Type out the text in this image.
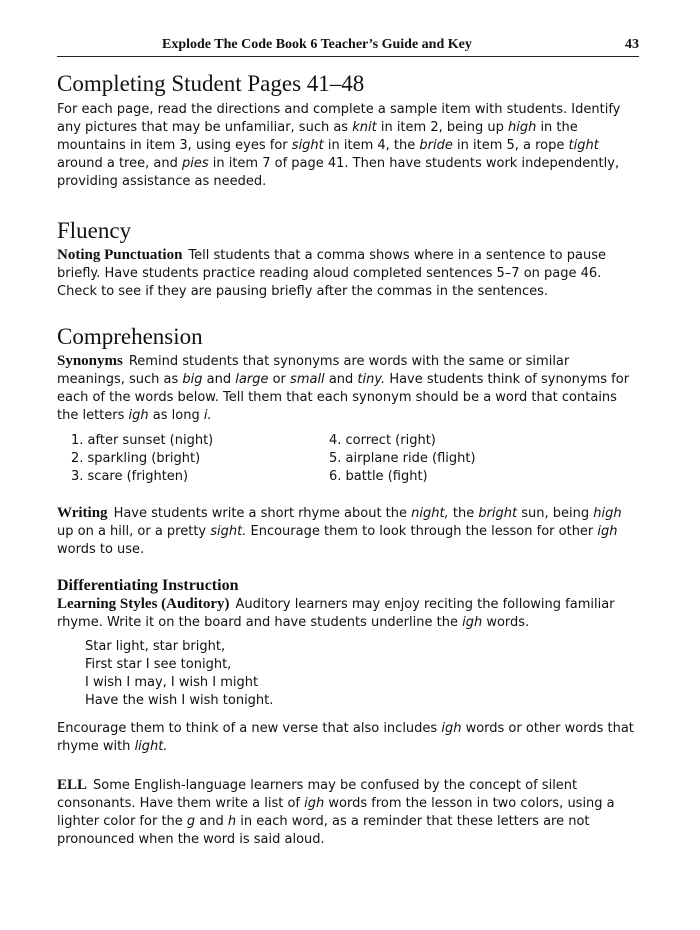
Explode The Code Book 6 Teacher’s Guide and Key	43
Completing Student Pages 41–48

For each page, read the directions and complete a sample item with students. Identify any pictures that may be unfamiliar, such as knit in item 2, being up high in the mountains in item 3, using eyes for sight in item 4, the bride in item 5, a rope tight around a tree, and pies in item 7 of page 41. Then have students work independently, providing assistance as needed.

Fluency

Noting Punctuation Tell students that a comma shows where in a sentence to pause briefly. Have students practice reading aloud completed sentences 5–7 on page 46. Check to see if they are pausing briefly after the commas in the sentences.

Comprehension

Synonyms Remind students that synonyms are words with the same or similar meanings, such as big and large or small and tiny. Have students think of synonyms for each of the words below. Tell them that each synonym should be a word that contains the letters igh as long i.

1. after sunset (night)
2. sparkling (bright)
3. scare (frighten)
4. correct (right)
5. airplane ride (flight)
6. battle (fight)

Writing Have students write a short rhyme about the night, the bright sun, being high up on a hill, or a pretty sight. Encourage them to look through the lesson for other igh words to use.

Differentiating Instruction

Learning Styles (Auditory) Auditory learners may enjoy reciting the following familiar rhyme. Write it on the board and have students underline the igh words.

Star light, star bright,

First star I see tonight,

I wish I may, I wish I might

Have the wish I wish tonight.

Encourage them to think of a new verse that also includes igh words or other words that rhyme with light.

ELL Some English-language learners may be confused by the concept of silent consonants. Have them write a list of igh words from the lesson in two colors, using a lighter color for the g and h in each word, as a reminder that these letters are not pronounced when the word is said aloud.
